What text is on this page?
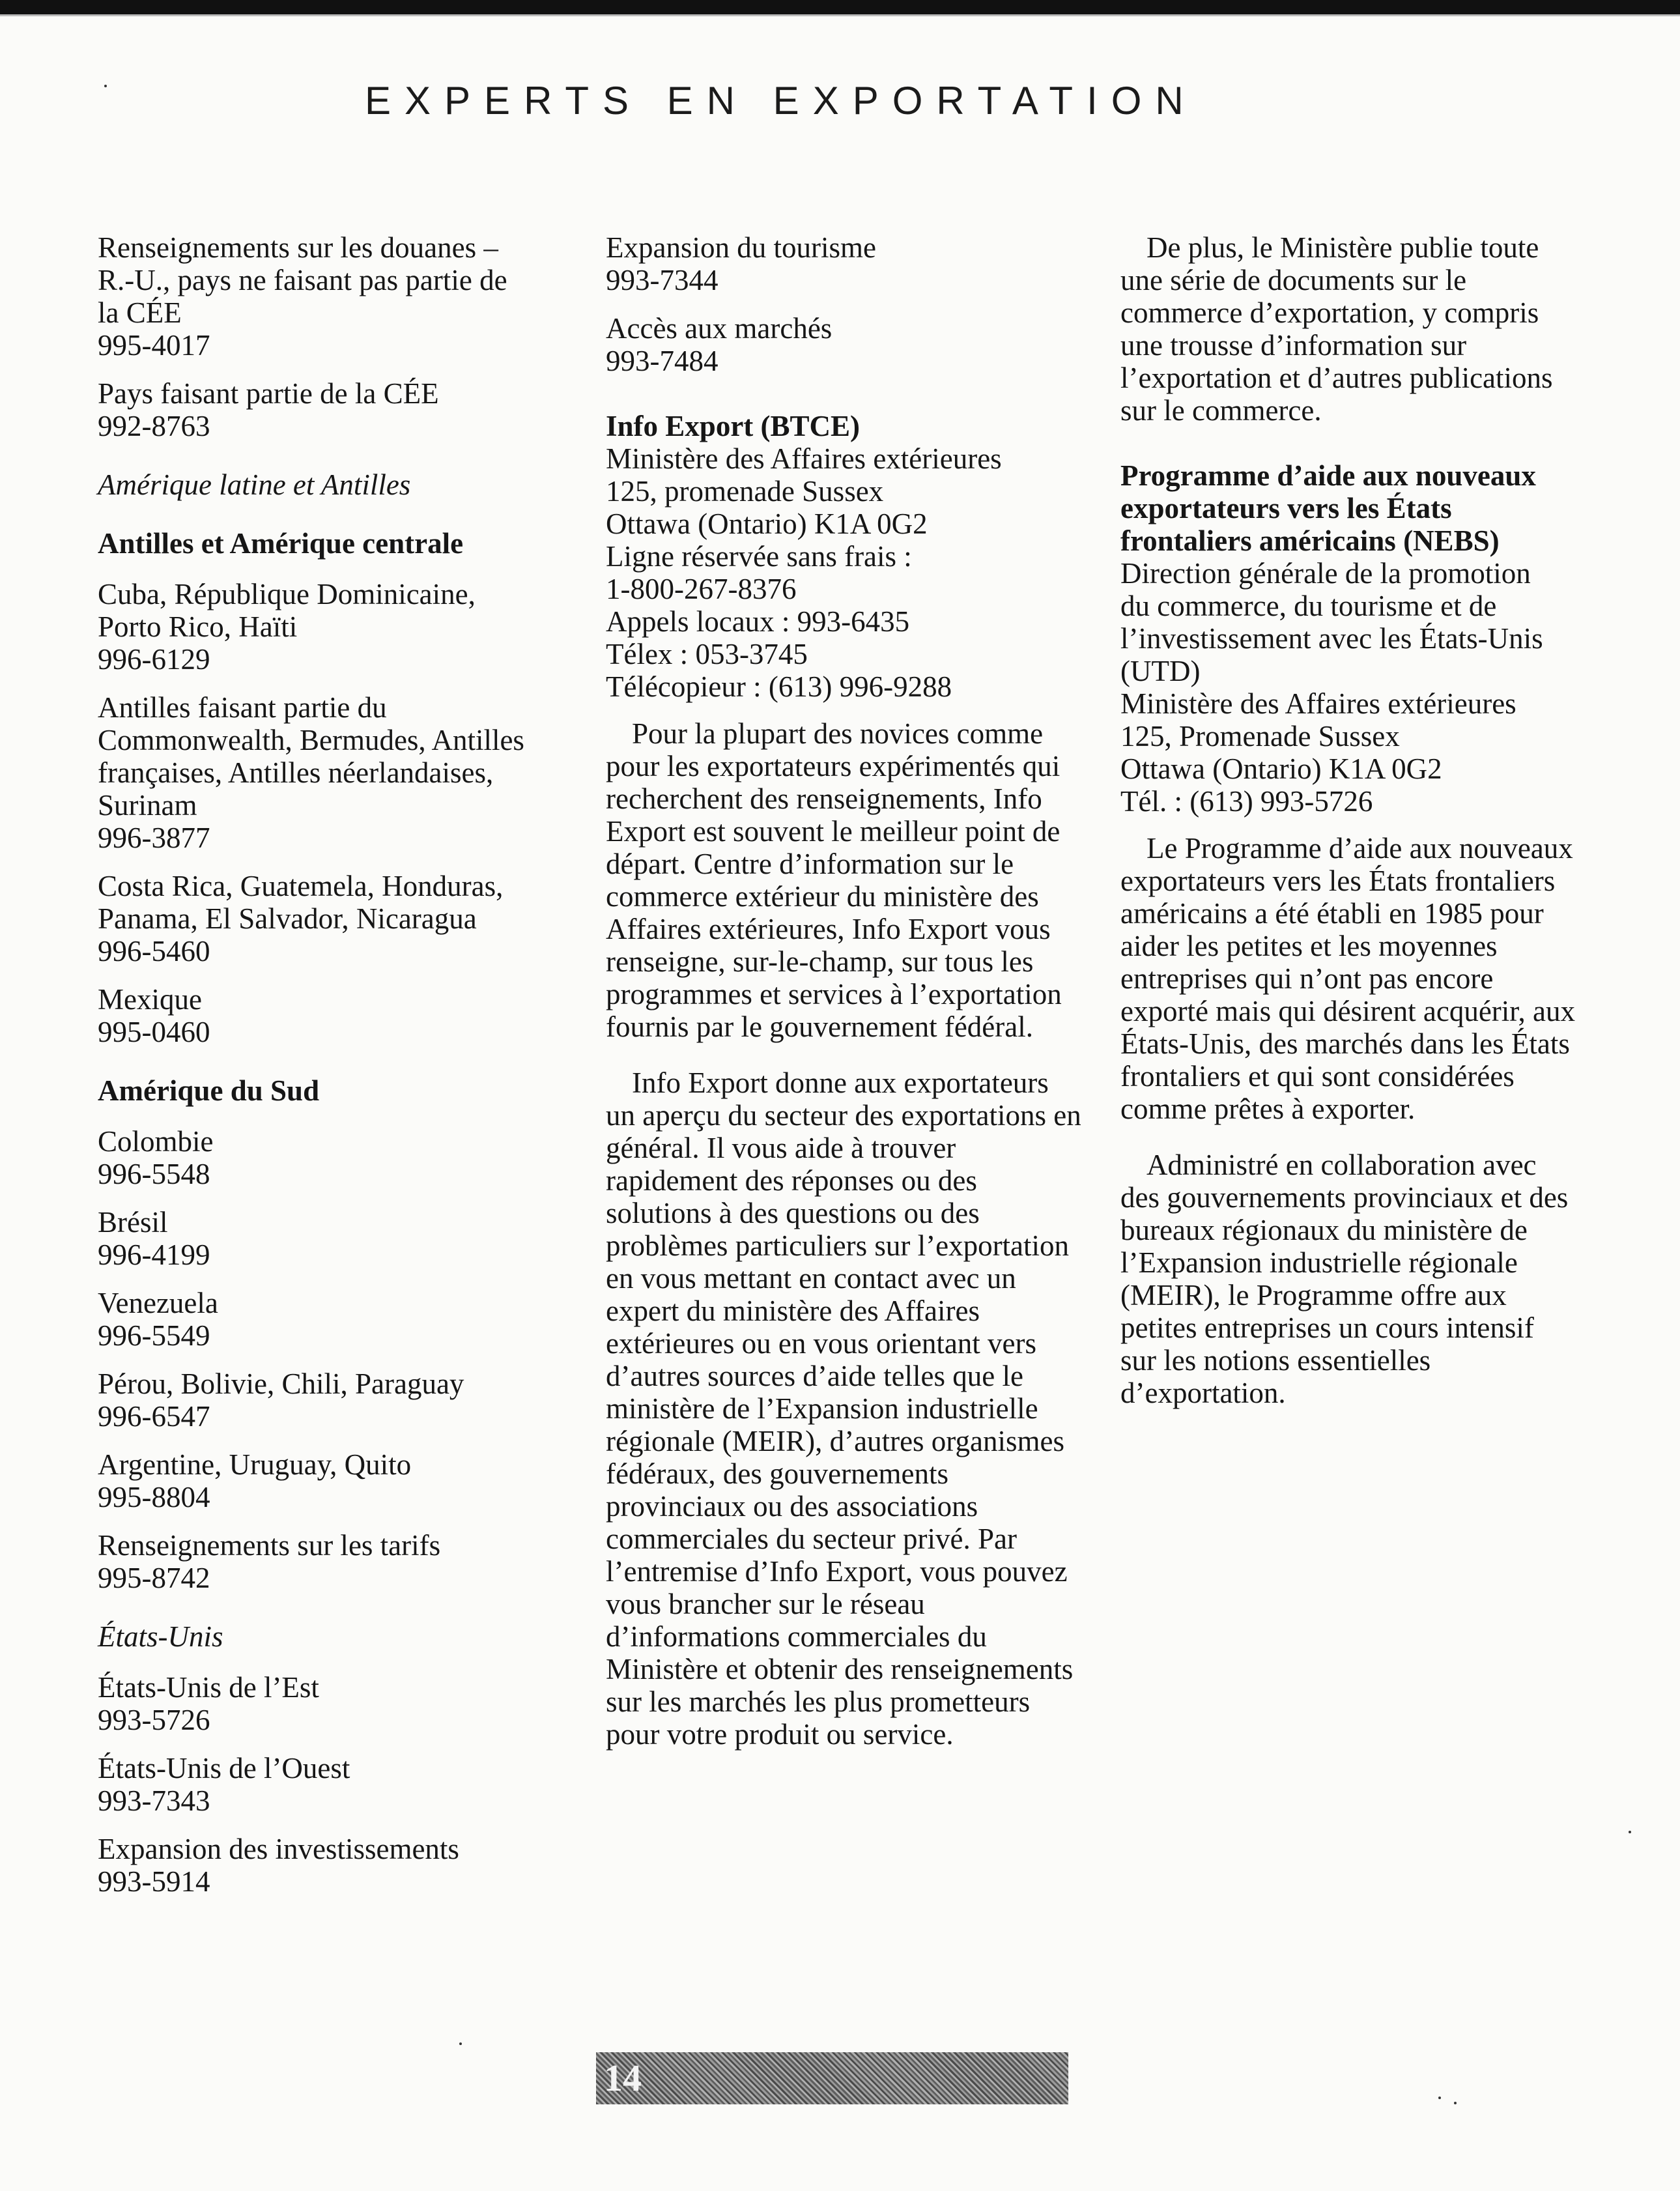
EXPERTS EN EXPORTATION
Renseignements sur les douanes –
R.-U., pays ne faisant pas partie de
la CÉE
995-4017
Pays faisant partie de la CÉE
992-8763
Amérique latine et Antilles
Antilles et Amérique centrale
Cuba, République Dominicaine,
Porto Rico, Haïti
996-6129
Antilles faisant partie du
Commonwealth, Bermudes, Antilles
françaises, Antilles néerlandaises,
Surinam
996-3877
Costa Rica, Guatemela, Honduras,
Panama, El Salvador, Nicaragua
996-5460
Mexique
995-0460
Amérique du Sud
Colombie
996-5548
Brésil
996-4199
Venezuela
996-5549
Pérou, Bolivie, Chili, Paraguay
996-6547
Argentine, Uruguay, Quito
995-8804
Renseignements sur les tarifs
995-8742
États-Unis
États-Unis de l’Est
993-5726
États-Unis de l’Ouest
993-7343
Expansion des investissements
993-5914
Expansion du tourisme
993-7344
Accès aux marchés
993-7484
Info Export (BTCE)
Ministère des Affaires extérieures
125, promenade Sussex
Ottawa (Ontario) K1A 0G2
Ligne réservée sans frais :
1-800-267-8376
Appels locaux : 993-6435
Télex : 053-3745
Télécopieur : (613) 996-9288

Pour la plupart des novices comme pour les exportateurs expérimentés qui recherchent des renseignements, Info Export est souvent le meilleur point de départ. Centre d’information sur le commerce extérieur du ministère des Affaires extérieures, Info Export vous renseigne, sur-le-champ, sur tous les programmes et services à l’exportation fournis par le gouvernement fédéral.

Info Export donne aux exportateurs un aperçu du secteur des exportations en général. Il vous aide à trouver rapidement des réponses ou des solutions à des questions ou des problèmes particuliers sur l’exportation en vous mettant en contact avec un expert du ministère des Affaires extérieures ou en vous orientant vers d’autres sources d’aide telles que le ministère de l’Expansion industrielle régionale (MEIR), d’autres organismes fédéraux, des gouvernements provinciaux ou des associations commerciales du secteur privé. Par l’entremise d’Info Export, vous pouvez vous brancher sur le réseau d’informations commerciales du Ministère et obtenir des renseignements sur les marchés les plus prometteurs pour votre produit ou service.

De plus, le Ministère publie toute une série de documents sur le commerce d’exportation, y compris une trousse d’information sur l’exportation et d’autres publications sur le commerce.

Programme d’aide aux nouveaux
exportateurs vers les États
frontaliers américains (NEBS)
Direction générale de la promotion
du commerce, du tourisme et de
l’investissement avec les États-Unis
(UTD)
Ministère des Affaires extérieures
125, Promenade Sussex
Ottawa (Ontario) K1A 0G2
Tél. : (613) 993-5726

Le Programme d’aide aux nouveaux exportateurs vers les États frontaliers américains a été établi en 1985 pour aider les petites et les moyennes entreprises qui n’ont pas encore exporté mais qui désirent acquérir, aux États-Unis, des marchés dans les États frontaliers et qui sont considérées comme prêtes à exporter.

Administré en collaboration avec des gouvernements provinciaux et des bureaux régionaux du ministère de l’Expansion industrielle régionale (MEIR), le Programme offre aux petites entreprises un cours intensif sur les notions essentielles d’exportation.

14
